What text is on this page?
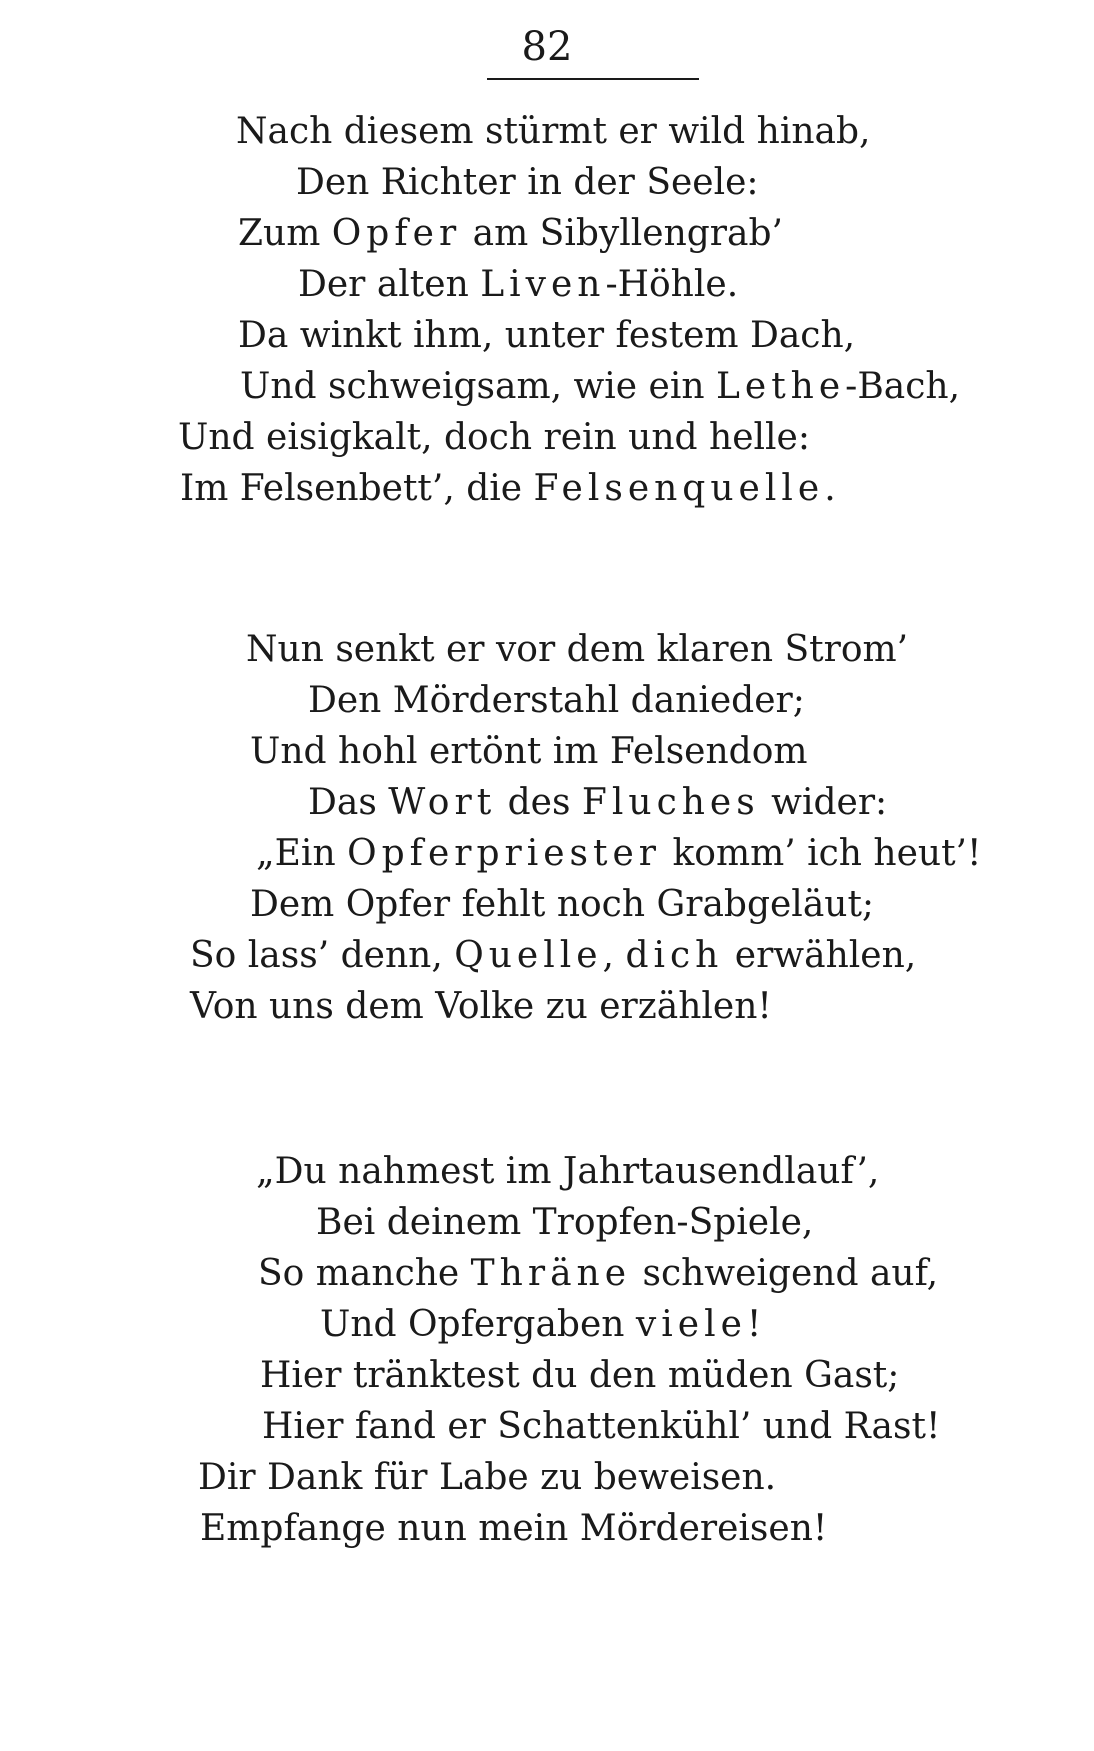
82
Nach diesem stürmt er wild hinab,
Den Richter in der Seele:
Zum Opfer am Sibyllengrab’
Der alten Liven-Höhle.
Da winkt ihm, unter festem Dach,
Und schweigsam, wie ein Lethe-Bach,
Und eisigkalt, doch rein und helle:
Im Felsenbett’, die Felsenquelle.
Nun senkt er vor dem klaren Strom’
Den Mörderstahl danieder;
Und hohl ertönt im Felsendom
Das Wort des Fluches wider:
„Ein Opferpriester komm’ ich heut’!
Dem Opfer fehlt noch Grabgeläut;
So lass’ denn, Quelle, dich erwählen,
Von uns dem Volke zu erzählen!
„Du nahmest im Jahrtausendlauf’,
Bei deinem Tropfen-Spiele,
So manche Thräne schweigend auf,
Und Opfergaben viele!
Hier tränktest du den müden Gast;
Hier fand er Schattenkühl’ und Rast!
Dir Dank für Labe zu beweisen.
Empfange nun mein Mördereisen!
